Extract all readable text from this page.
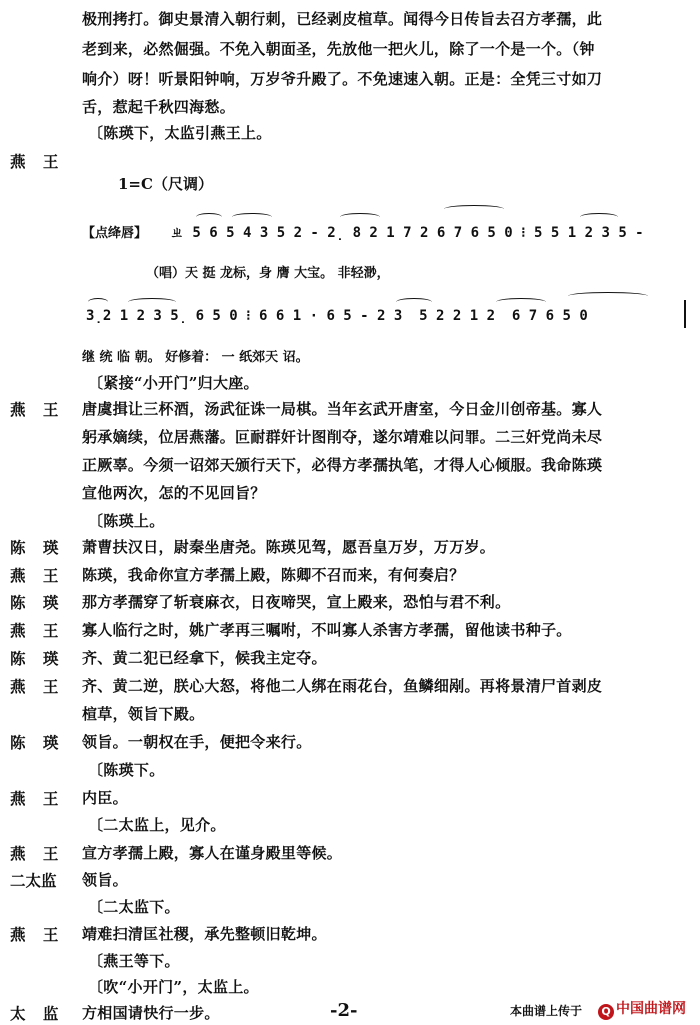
极刑拷打。御史景清入朝行刺，已经剥皮楦草。闻得今日传旨去召方孝孺，此
老到来，必然倔强。不免入朝面圣，先放他一把火儿，除了一个是一个。（钟
响介）呀！听景阳钟响，万岁爷升殿了。不免速速入朝。正是：全凭三寸如刀
舌，惹起千秋四海愁。
〔陈瑛下，太监引燕王上。
燕 王
1=C（尺调）
【点绛唇】 ㄓ 5 6 5 4 3 5 2 - 2̣ 8 2 1 7 2 6 7 6 5 0 ⁝ 5 5 1 2 3 5 -
（唱）天 挺 龙标，身 膺 大宝。 非轻渺，
3̣2 1 2 3 5̣ 6 5 0 ⁝ 6 6 1 · 6 5 - 2 3  5 2 2 1 2  6 7 6 5 0
继 统 临 朝。 好修着： 一 纸郊天 诏。
〔紧接“小开门”归大座。
燕 王 唐虞揖让三杯酒，汤武征诛一局棋。当年玄武开唐室，今日金川创帝基。寡人
躬承嫡续，位居燕藩。叵耐群奸计图削夺，遂尔靖难以问罪。二三奸党尚未尽
正厥辜。今须一诏郊天颁行天下，必得方孝孺执笔，才得人心倾服。我命陈瑛
宣他两次，怎的不见回旨？
〔陈瑛上。
陈 瑛 萧曹扶汉日，尉秦坐唐尧。陈瑛见驾，愿吾皇万岁，万万岁。
燕 王 陈瑛，我命你宣方孝孺上殿，陈卿不召而来，有何奏启？
陈 瑛 那方孝孺穿了斩衰麻衣，日夜啼哭，宣上殿来，恐怕与君不利。
燕 王 寡人临行之时，姚广孝再三嘱咐，不叫寡人杀害方孝孺，留他读书种子。
陈 瑛 齐、黄二犯已经拿下，候我主定夺。
燕 王 齐、黄二逆，朕心大怒，将他二人绑在雨花台，鱼鳞细剐。再将景清尸首剥皮
楦草，领旨下殿。
陈 瑛 领旨。一朝权在手，便把令来行。
〔陈瑛下。
燕 王 内臣。
〔二太监上，见介。
燕 王 宣方孝孺上殿，寡人在谨身殿里等候。
二太监 领旨。
〔二太监下。
燕 王 靖难扫清匡社稷，承先整顿旧乾坤。
〔燕王等下。
〔吹“小开门”，太监上。
太 监 方相国请快行一步。	-2-	本曲谱上传于	Q 中国曲谱网
